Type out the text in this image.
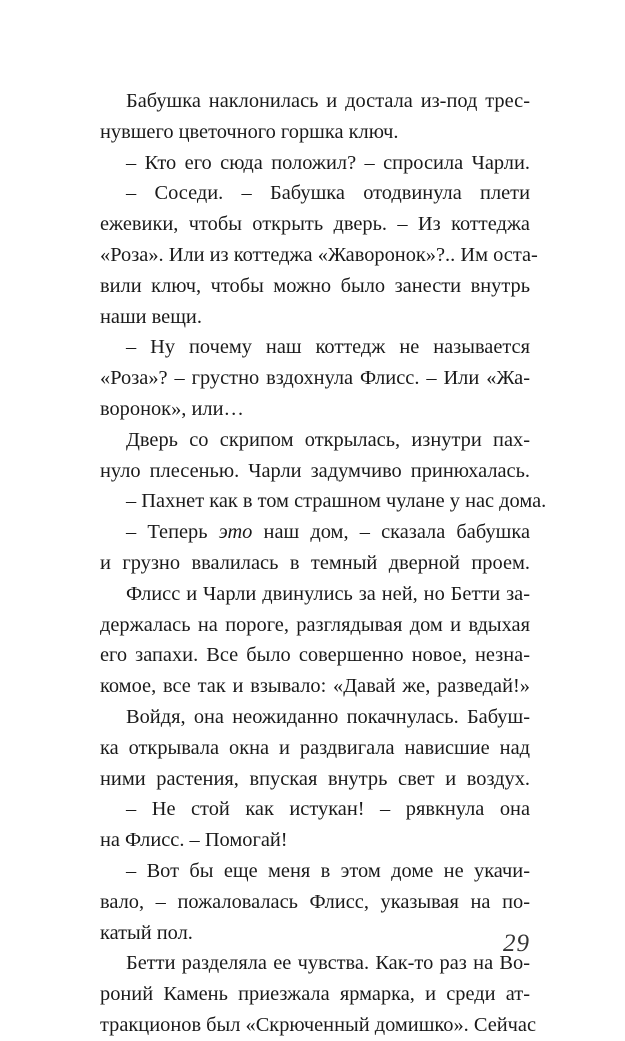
Бабушка наклонилась и достала из-под трес-
нувшего цветочного горшка ключ.
– Кто его сюда положил? – спросила Чарли.
– Соседи. – Бабушка отодвинула плети
ежевики, чтобы открыть дверь. – Из коттеджа
«Роза». Или из коттеджа «Жаворонок»?.. Им оста-
вили ключ, чтобы можно было занести внутрь
наши вещи.
– Ну почему наш коттедж не называется
«Роза»? – грустно вздохнула Флисс. – Или «Жа-
воронок», или…
Дверь со скрипом открылась, изнутри пах-
нуло плесенью. Чарли задумчиво принюхалась.
– Пахнет как в том страшном чулане у нас дома.
– Теперь это наш дом, – сказала бабушка
и грузно ввалилась в темный дверной проем.
Флисс и Чарли двинулись за ней, но Бетти за-
держалась на пороге, разглядывая дом и вдыхая
его запахи. Все было совершенно новое, незна-
комое, все так и взывало: «Давай же, разведай!»
Войдя, она неожиданно покачнулась. Бабуш-
ка открывала окна и раздвигала нависшие над
ними растения, впуская внутрь свет и воздух.
– Не стой как истукан! – рявкнула она
на Флисс. – Помогай!
– Вот бы еще меня в этом доме не укачи-
вало, – пожаловалась Флисс, указывая на по-
катый пол.
Бетти разделяла ее чувства. Как-то раз на Во-
роний Камень приезжала ярмарка, и среди ат-
тракционов был «Скрюченный домишко». Сейчас
29
